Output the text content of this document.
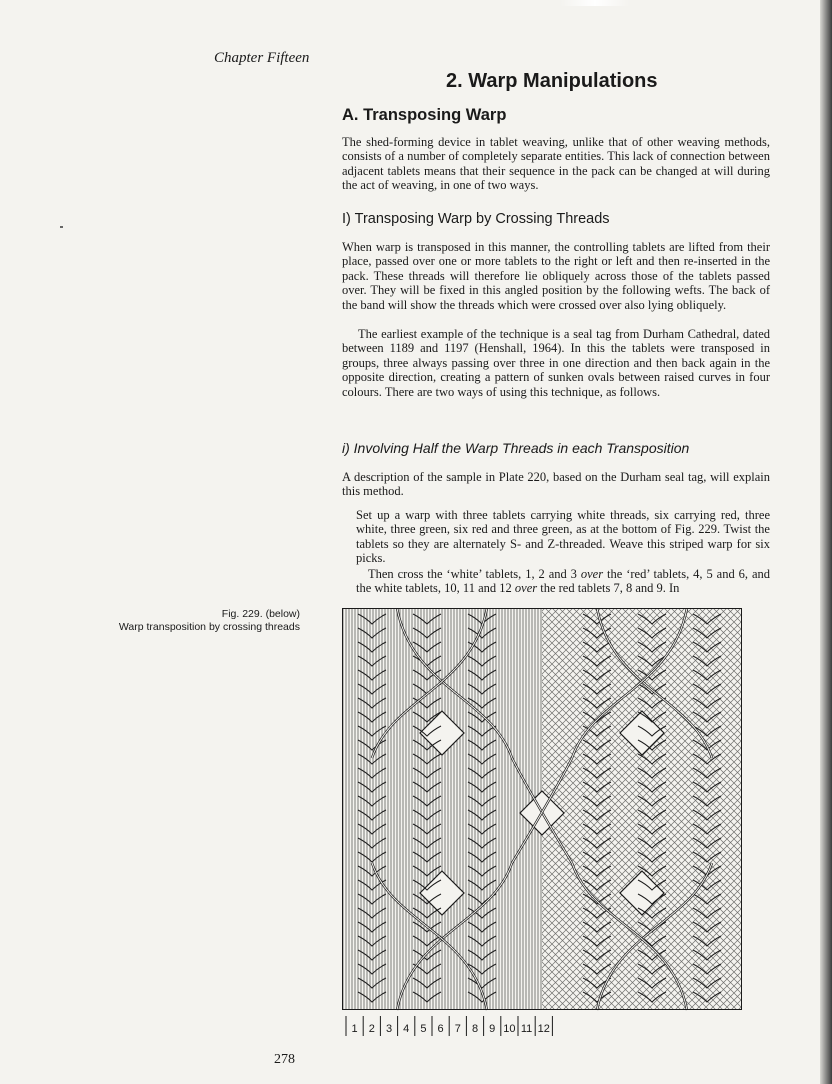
Chapter Fifteen
2. Warp Manipulations
A. Transposing Warp

The shed-forming device in tablet weaving, unlike that of other weaving methods, consists of a number of completely separate entities. This lack of connection between adjacent tablets means that their sequence in the pack can be changed at will during the act of weaving, in one of two ways.

I) Transposing Warp by Crossing Threads

When warp is transposed in this manner, the controlling tablets are lifted from their place, passed over one or more tablets to the right or left and then re-inserted in the pack. These threads will therefore lie obliquely across those of the tablets passed over. They will be fixed in this angled position by the following wefts. The back of the band will show the threads which were crossed over also lying obliquely.

The earliest example of the technique is a seal tag from Durham Cathedral, dated between 1189 and 1197 (Henshall, 1964). In this the tablets were transposed in groups, three always passing over three in one direction and then back again in the opposite direction, creating a pattern of sunken ovals between raised curves in four colours. There are two ways of using this technique, as follows.

i) Involving Half the Warp Threads in each Transposition

A description of the sample in Plate 220, based on the Durham seal tag, will explain this method.

Set up a warp with three tablets carrying white threads, six carrying red, three white, three green, six red and three green, as at the bottom of Fig. 229. Twist the tablets so they are alternately S- and Z-threaded. Weave this striped warp for six picks.

Then cross the ‘white’ tablets, 1, 2 and 3 over the ‘red’ tablets, 4, 5 and 6, and the white tablets, 10, 11 and 12 over the red tablets 7, 8 and 9. In

Fig. 229. (below)
Warp transposition by crossing threads
1 2 3 4 5 6 7 8 9 10 11 12
278
